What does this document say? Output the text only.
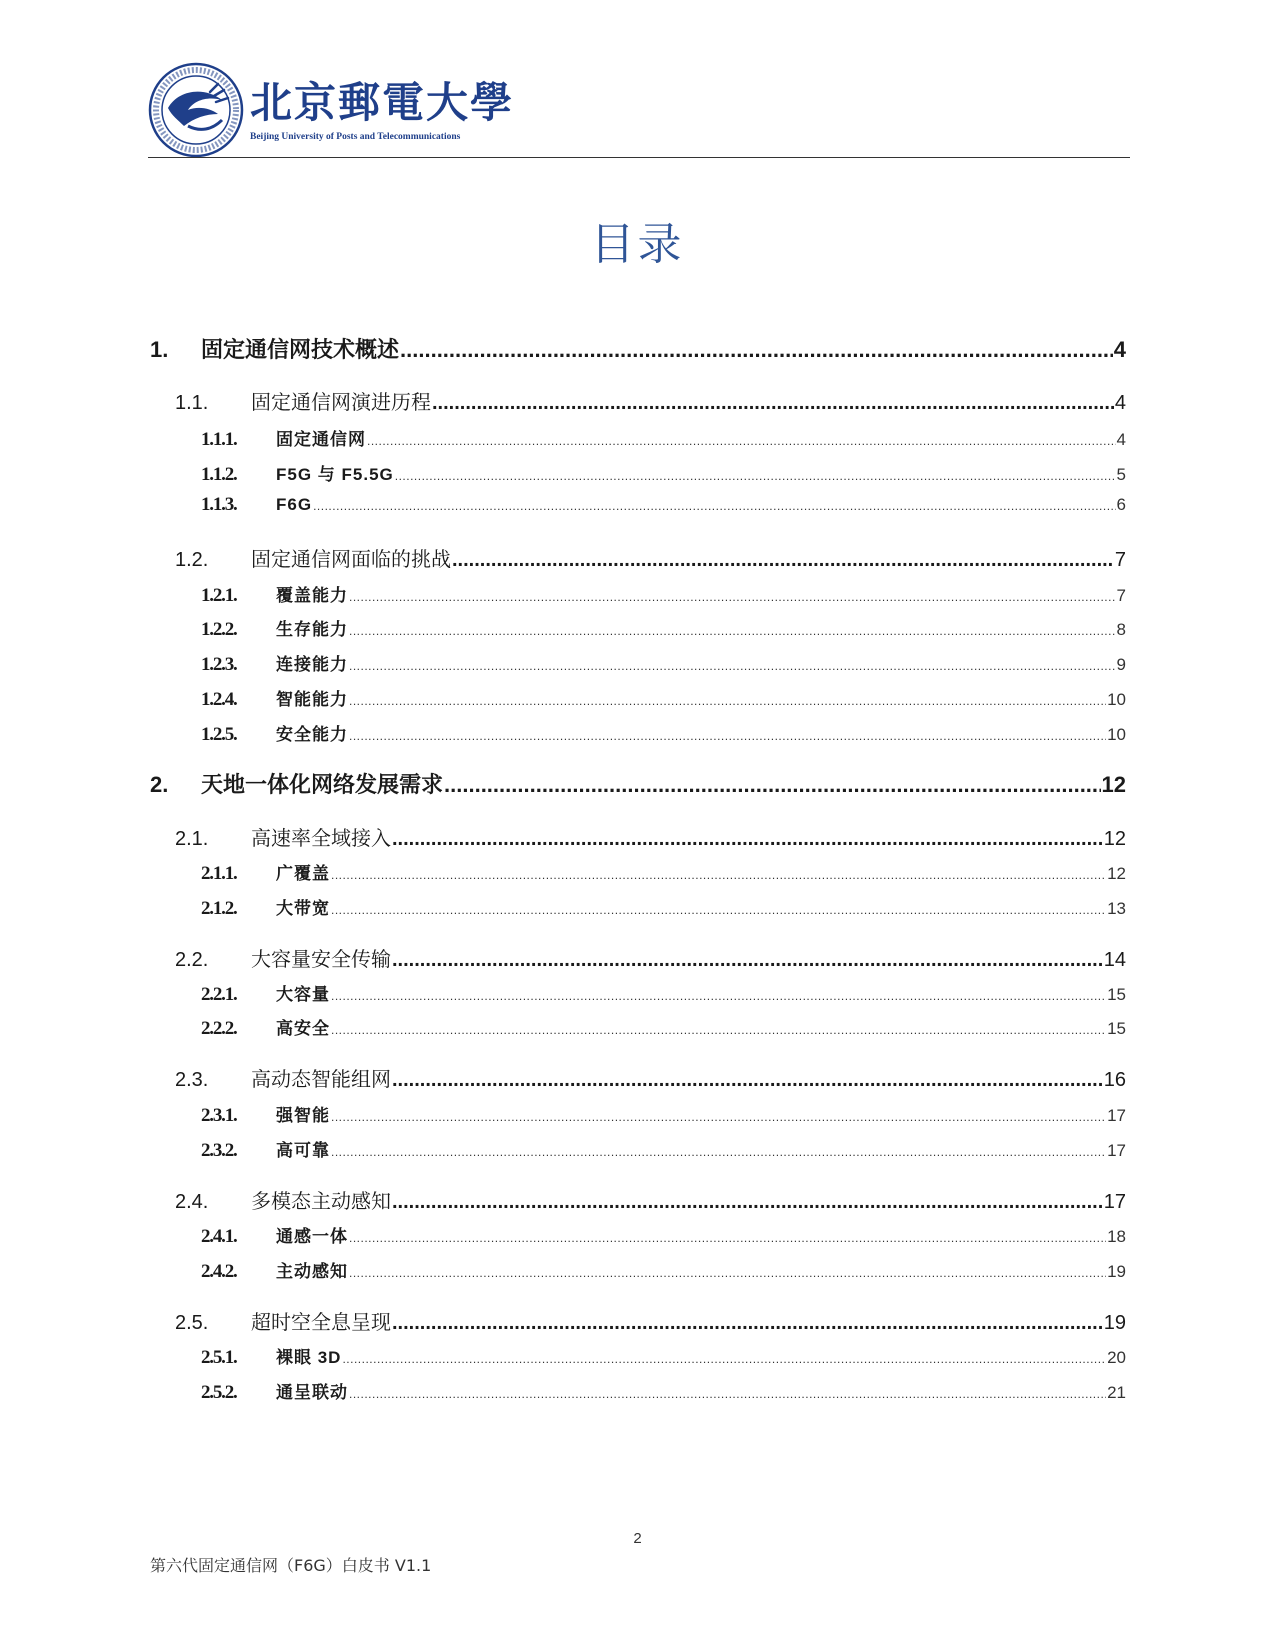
北京郵電大學
Beijing University of Posts and Telecommunications
目录
1.	固定通信网技术概述 .....	4
1.1.	固定通信网演进历程 .....	4
1.1.1.	固定通信网 .....	4
1.1.2.	F5G 与 F5.5G .....	5
1.1.3.	F6G .....	6
1.2.	固定通信网面临的挑战 .....	7
1.2.1.	覆盖能力 .....	7
1.2.2.	生存能力 .....	8
1.2.3.	连接能力 .....	9
1.2.4.	智能能力 .....	10
1.2.5.	安全能力 .....	10
2.	天地一体化网络发展需求 .....	12
2.1.	高速率全域接入 .....	12
2.1.1.	广覆盖 .....	12
2.1.2.	大带宽 .....	13
2.2.	大容量安全传输 .....	14
2.2.1.	大容量 .....	15
2.2.2.	高安全 .....	15
2.3.	高动态智能组网 .....	16
2.3.1.	强智能 .....	17
2.3.2.	高可靠 .....	17
2.4.	多模态主动感知 .....	17
2.4.1.	通感一体 .....	18
2.4.2.	主动感知 .....	19
2.5.	超时空全息呈现 .....	19
2.5.1.	裸眼 3D .....	20
2.5.2.	通呈联动 .....	21
2
第六代固定通信网（F6G）白皮书 V1.1
